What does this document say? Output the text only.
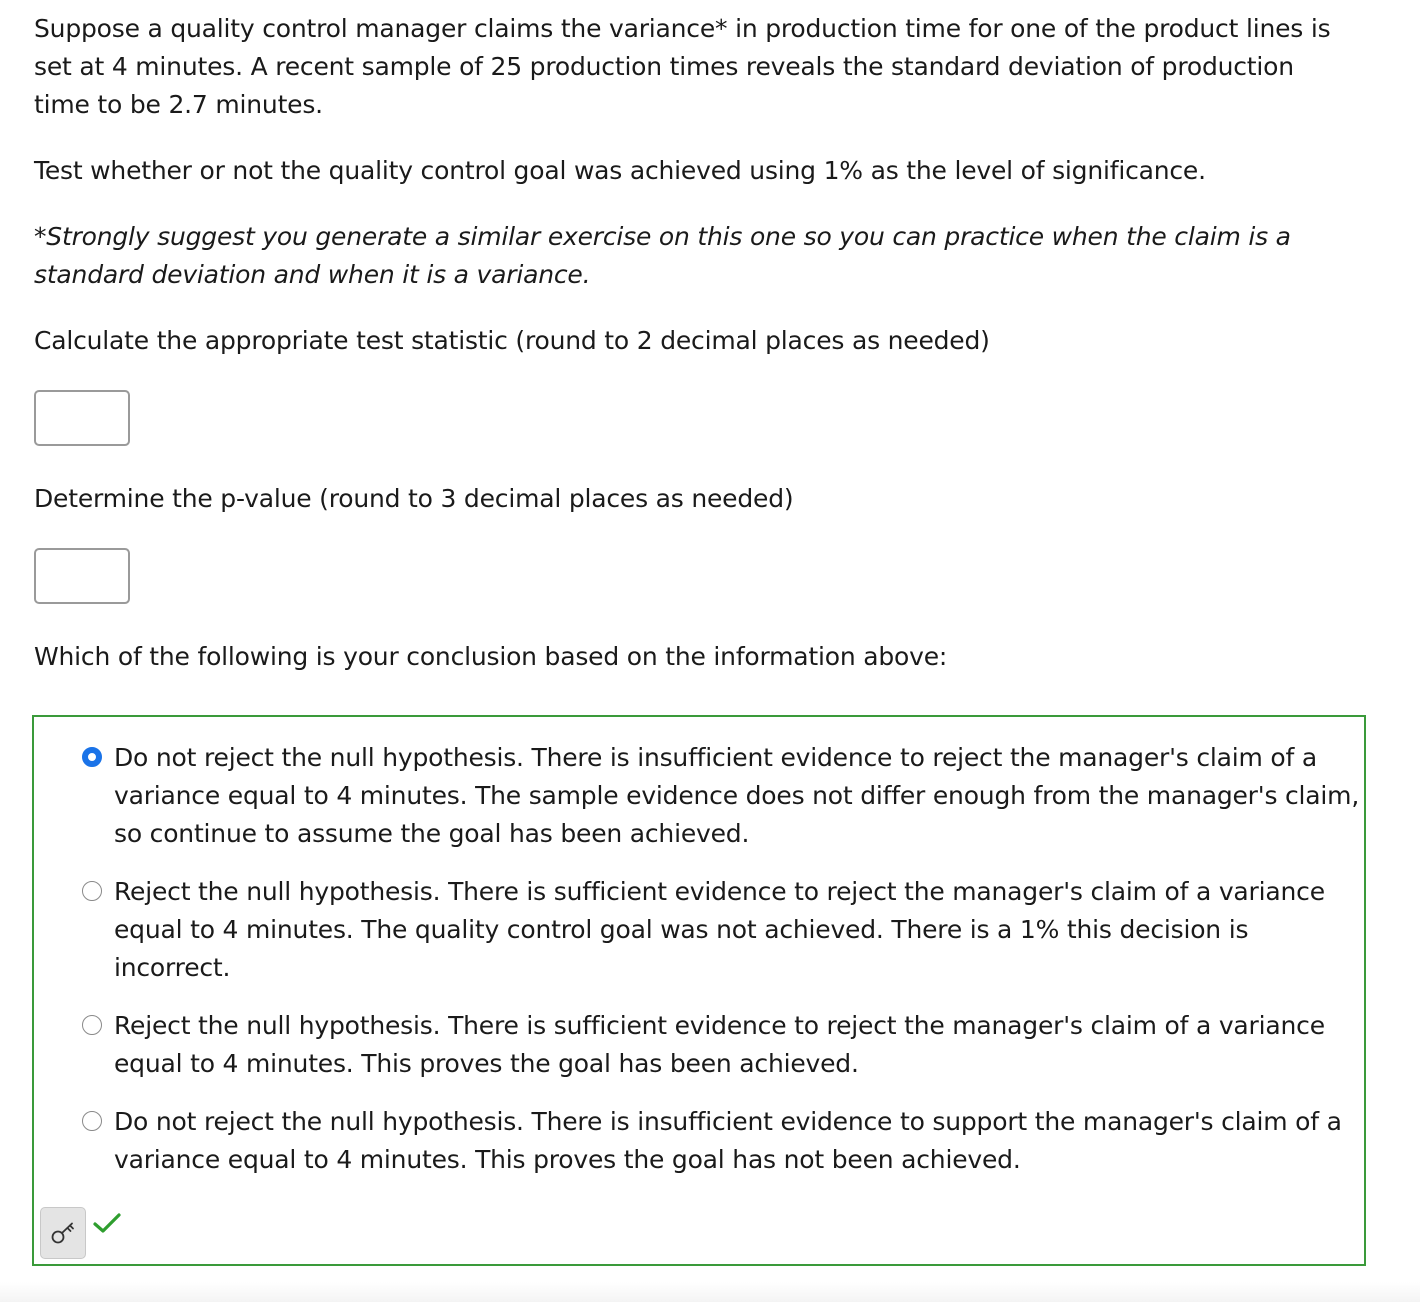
Suppose a quality control manager claims the variance* in production time for one of the product lines is set at 4 minutes. A recent sample of 25 production times reveals the standard deviation of production time to be 2.7 minutes.

Test whether or not the quality control goal was achieved using 1% as the level of significance.

*Strongly suggest you generate a similar exercise on this one so you can practice when the claim is a standard deviation and when it is a variance.

Calculate the appropriate test statistic (round to 2 decimal places as needed)

Determine the p-value (round to 3 decimal places as needed)

Which of the following is your conclusion based on the information above:

Do not reject the null hypothesis. There is insufficient evidence to reject the manager's claim of a variance equal to 4 minutes. The sample evidence does not differ enough from the manager's claim, so continue to assume the goal has been achieved.
Reject the null hypothesis. There is sufficient evidence to reject the manager's claim of a variance equal to 4 minutes. The quality control goal was not achieved. There is a 1% this decision is incorrect.
Reject the null hypothesis. There is sufficient evidence to reject the manager's claim of a variance equal to 4 minutes. This proves the goal has been achieved.
Do not reject the null hypothesis. There is insufficient evidence to support the manager's claim of a variance equal to 4 minutes. This proves the goal has not been achieved.
